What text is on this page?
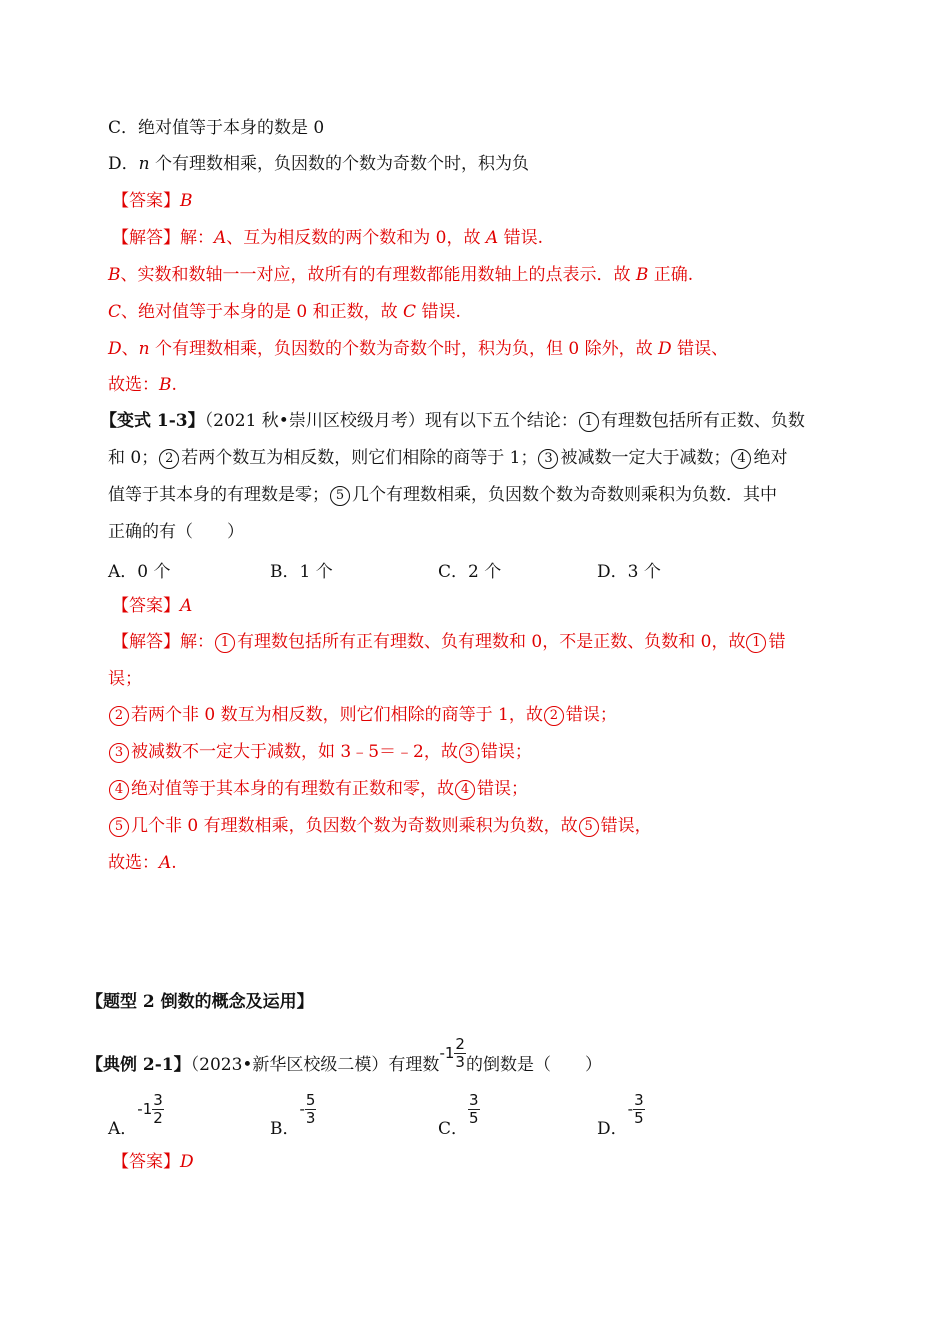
C．绝对值等于本身的数是 0
D．n 个有理数相乘，负因数的个数为奇数个时，积为负
【答案】B
【解答】解：A、互为相反数的两个数和为 0，故 A 错误.
B、实数和数轴一一对应，故所有的有理数都能用数轴上的点表示．故 B 正确.
C、绝对值等于本身的是 0 和正数，故 C 错误.
D、n 个有理数相乘，负因数的个数为奇数个时，积为负，但 0 除外，故 D 错误、
故选：B.
【变式 1-3】（2021 秋•崇川区校级月考）现有以下五个结论： 1 有理数包括所有正数、负数
和 0； 2 若两个数互为相反数，则它们相除的商等于 1； 3 被减数一定大于减数； 4 绝对
值等于其本身的有理数是零； 5 几个有理数相乘，负因数个数为奇数则乘积为负数．其中
正确的有（　　）
A．0 个	B．1 个	C．2 个	D．3 个
【答案】A
【解答】解： 1 有理数包括所有正有理数、负有理数和 0，不是正数、负数和 0，故 1 错
误；
2 若两个非 0 数互为相反数，则它们相除的商等于 1，故 2 错误；
3 被减数不一定大于减数，如 3﹣5＝﹣2，故 3 错误；
4 绝对值等于其本身的有理数有正数和零，故 4 错误；
5 几个非 0 有理数相乘，负因数个数为奇数则乘积为负数，故 5 错误，
故选：A.
【题型 2 倒数的概念及运用】
【典例 2-1】（2023•新华区校级二模）有理数$-1 \frac{2}{3}$ 的倒数是（　　）
A．$-1 \frac{3}{2}$
B．- $\frac{5}{3}$
C．
$\frac{3}{5}$
D．- $\frac{3}{5}$
【答案】D
